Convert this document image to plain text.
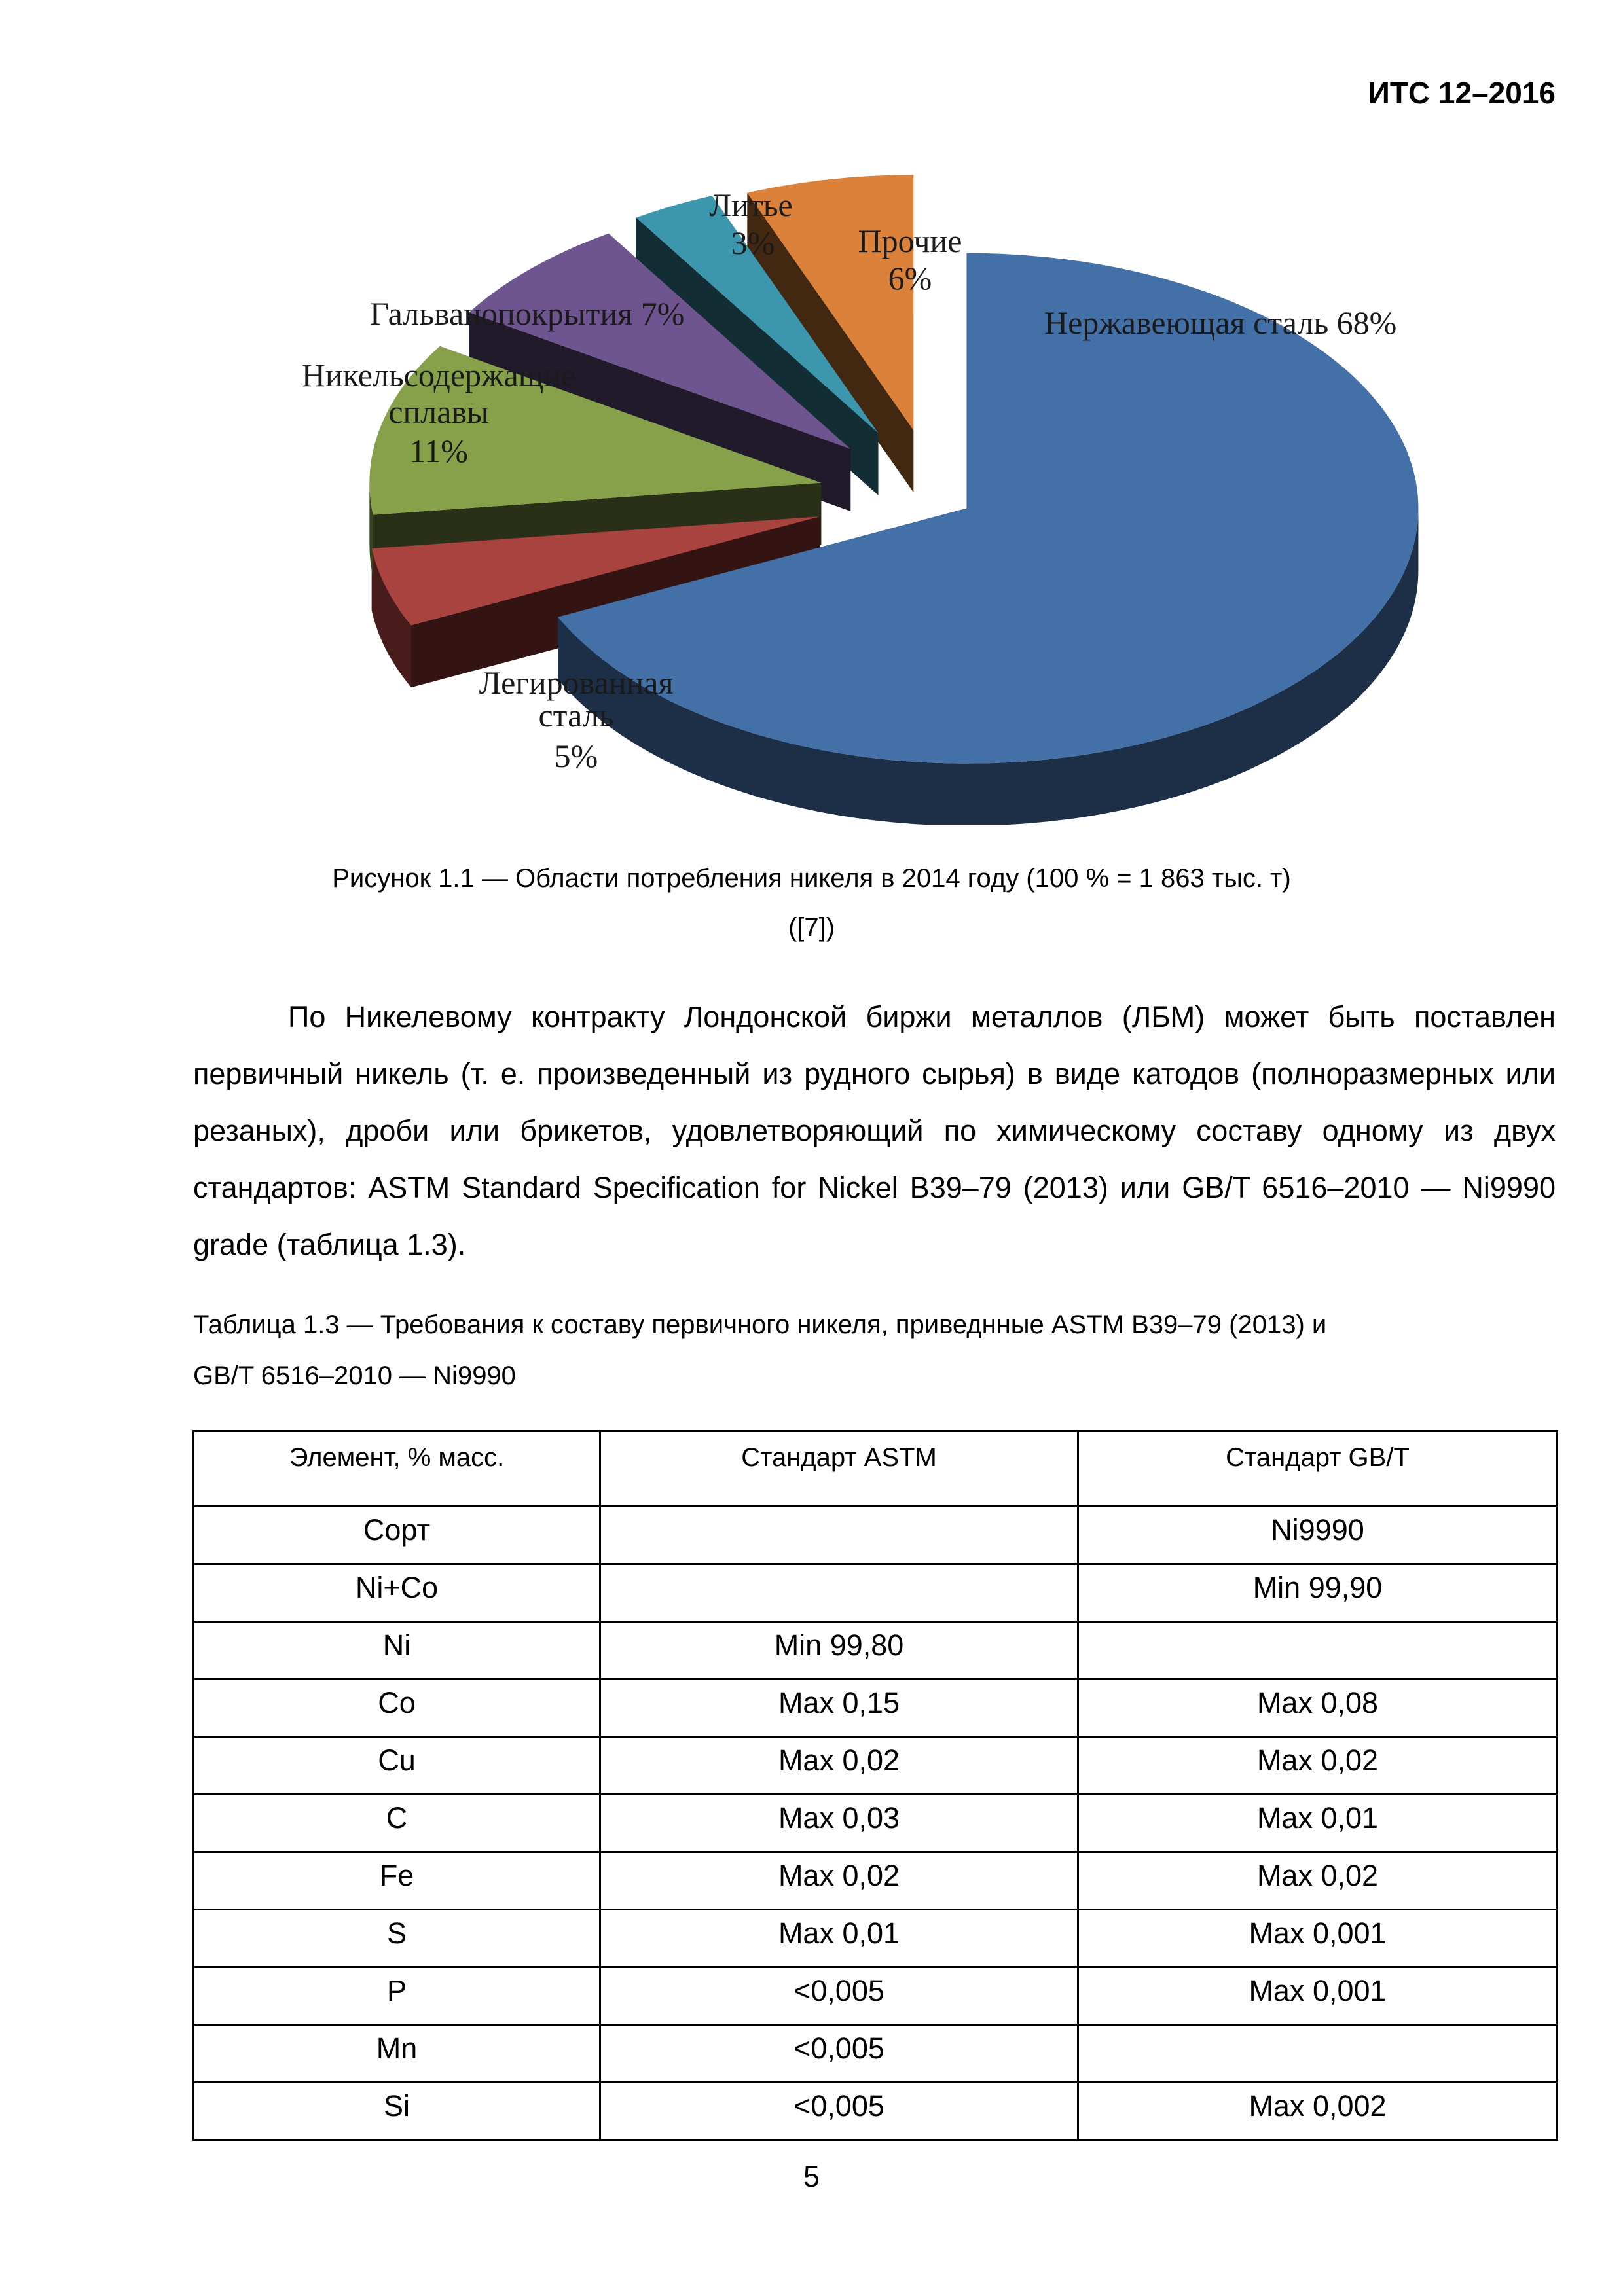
ИТС 12–2016
Нержавеющая сталь 68%
Легированная
сталь
5%
Никельсодержащие
сплавы
11%
Гальванопокрытия 7%
Литье
3%	Прочие
6%
Рисунок 1.1 — Области потребления никеля в 2014 году (100 % = 1 863 тыс. т)
([7])
По Никелевому контракту Лондонской биржи металлов (ЛБМ) может быть поставлен первичный никель (т. е. произведенный из рудного сырья) в виде катодов (полноразмерных или резаных), дроби или брикетов, удовлетворяющий по химическому составу одному из двух стандартов: ASTM Standard Specification for Nickel B39–79 (2013) или GB/T 6516–2010 — Ni9990 grade (таблица 1.3).
Таблица 1.3 — Требования к составу первичного никеля, приведнные ASTM B39–79 (2013) и
GB/T 6516–2010 — Ni9990
Элемент, % масс.	Стандарт ASTM	Стандарт GB/T
Сорт		Ni9990
Ni+Co		Min 99,90
Ni	Min 99,80	
Co	Max 0,15	Max 0,08
Cu	Max 0,02	Max 0,02
C	Max 0,03	Max 0,01
Fe	Max 0,02	Max 0,02
S	Max 0,01	Max 0,001
P	<0,005	Max 0,001
Mn	<0,005	
Si	<0,005	Max 0,002
5
